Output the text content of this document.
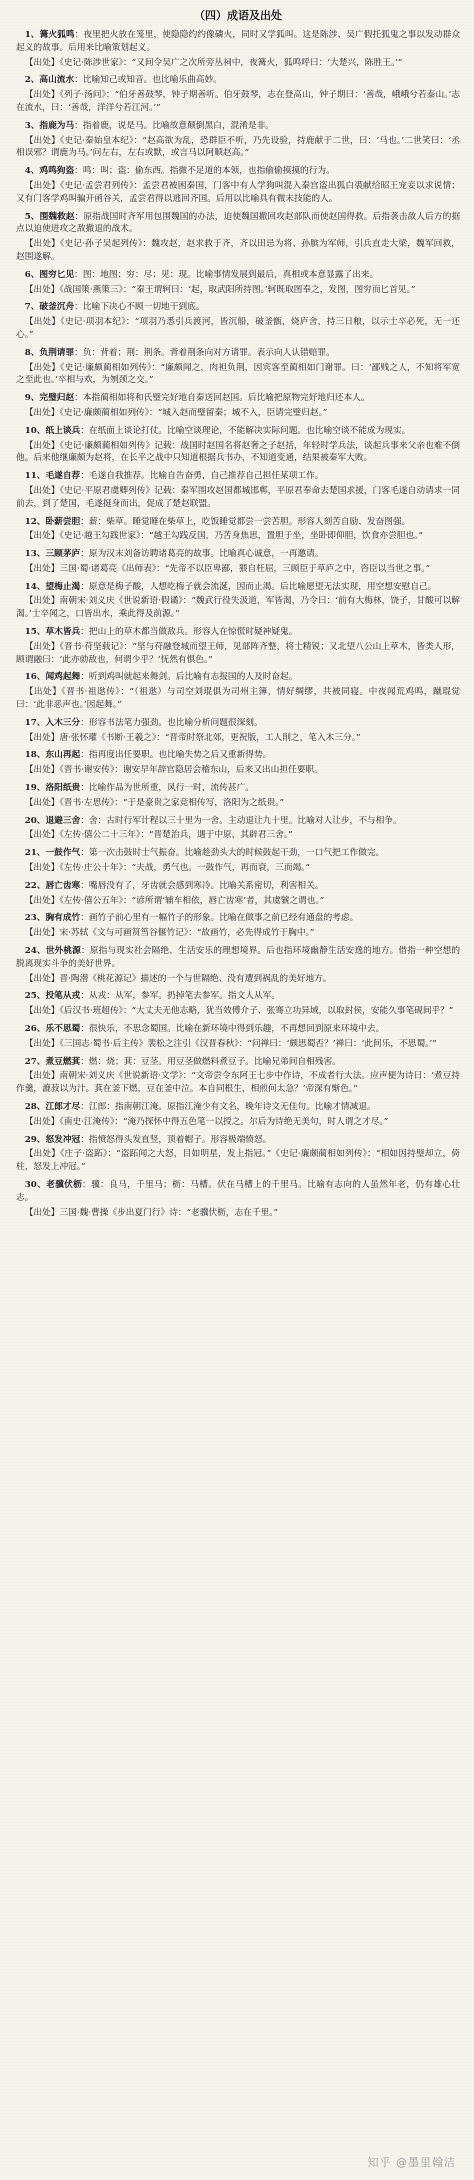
（四）成语及出处

1、篝火狐鸣：夜里把火放在笼里，使隐隐约约像磷火，同时又学狐叫。这是陈涉、吴广假托狐鬼之事以发动群众起义的故事。后用来比喻策划起义。

【出处】《史记·陈涉世家》：“又间令吴广之次所旁丛祠中，夜篝火，狐鸣呼曰：‘大楚兴，陈胜王。’”

2、高山流水：比喻知己或知音。也比喻乐曲高妙。

【出处】《列子·汤问》：“伯牙善鼓琴，钟子期善听。伯牙鼓琴，志在登高山，钟子期曰：‘善哉，峨峨兮若泰山。’志在流水，曰：‘善哉，洋洋兮若江河。’”

3、指鹿为马：指着鹿，说是马。比喻故意颠倒黑白，混淆是非。

【出处】《史记·秦始皇本纪》：“赵高欲为乱，恐群臣不听，乃先设验，持鹿献于二世，曰：‘马也。’二世笑曰：‘丞相误邪？谓鹿为马。’问左右，左右或默，或言马以阿顺赵高。”

4、鸡鸣狗盗：鸣：叫；盗：偷东西。指微不足道的本领，也指偷偷摸摸的行为。

【出处】《史记·孟尝君列传》：孟尝君被困秦国，门客中有人学狗叫混入秦宫盗出狐白裘献给昭王宠妾以求说情；又有门客学鸡叫骗开函谷关，孟尝君得以逃回齐国。后用以比喻具有微末技能的人。

5、围魏救赵：原指战国时齐军用包围魏国的办法，迫使魏国撤回攻赵部队而使赵国得救。后指袭击敌人后方的据点以迫使进攻之敌撤退的战术。

【出处】《史记·孙子吴起列传》：魏攻赵，赵求救于齐，齐以田忌为将、孙膑为军师，引兵直走大梁，魏军回救，赵围遂解。

6、图穷匕见：图：地图；穷：尽；见：现。比喻事情发展到最后，真相或本意显露了出来。

【出处】《战国策·燕策三》：“秦王谓轲曰：‘起，取武阳所持图。’轲既取图奉之，发图，图穷而匕首见。”

7、破釜沉舟：比喻下决心不顾一切地干到底。

【出处】《史记·项羽本纪》：“项羽乃悉引兵渡河，皆沉船，破釜甑，烧庐舍，持三日粮，以示士卒必死，无一还心。”

8、负荆请罪：负：背着；荆：荆条。背着荆条向对方请罪。表示向人认错赔罪。

【出处】《史记·廉颇蔺相如列传》：“廉颇闻之，肉袒负荆，因宾客至蔺相如门谢罪。曰：‘鄙贱之人，不知将军宽之至此也。’卒相与欢，为刎颈之交。”

9、完璧归赵：本指蔺相如将和氏璧完好地自秦送回赵国。后比喻把原物完好地归还本人。

【出处】《史记·廉颇蔺相如列传》：“城入赵而璧留秦；城不入，臣请完璧归赵。”

10、纸上谈兵：在纸面上谈论打仗。比喻空谈理论，不能解决实际问题。也比喻空谈不能成为现实。

【出处】《史记·廉颇蔺相如列传》记载：战国时赵国名将赵奢之子赵括，年轻时学兵法，谈起兵事来父亲也难不倒他。后来他继廉颇为赵将，在长平之战中只知道根据兵书办，不知道变通，结果被秦军大败。

11、毛遂自荐：毛遂自我推荐。比喻自告奋勇，自己推荐自己担任某项工作。

【出处】《史记·平原君虞卿列传》记载：秦军围攻赵国都城邯郸，平原君奉命去楚国求援，门客毛遂自动请求一同前去，到了楚国，毛遂挺身而出，促成了楚赵联盟。

12、卧薪尝胆：薪：柴草。睡觉睡在柴草上，吃饭睡觉都尝一尝苦胆。形容人刻苦自励、发奋图强。

【出处】《史记·越王勾践世家》：“越王勾践反国，乃苦身焦思，置胆于坐，坐卧即仰胆，饮食亦尝胆也。”

13、三顾茅庐：原为汉末刘备访聘诸葛亮的故事。比喻真心诚意，一再邀请。

【出处】三国·蜀·诸葛亮《出师表》：“先帝不以臣卑鄙，猥自枉屈，三顾臣于草庐之中，咨臣以当世之事。”

14、望梅止渴：原意是梅子酸，人想吃梅子就会流涎，因而止渴。后比喻愿望无法实现，用空想安慰自己。

【出处】南朝宋·刘义庆《世说新语·假谲》：“魏武行役失汲道，军皆渴，乃令曰：‘前有大梅林，饶子，甘酸可以解渴。’士卒闻之，口皆出水，乘此得及前源。”

15、草木皆兵：把山上的草木都当做敌兵。形容人在惊慌时疑神疑鬼。

【出处】《晋书·苻坚载记》：“坚与苻融登城而望王师，见部阵齐整，将士精锐；又北望八公山上草木，皆类人形，顾谓融曰：‘此亦勍敌也，何谓少乎？’怃然有惧色。”

16、闻鸡起舞：听到鸡叫就起来舞剑。后比喻有志报国的人及时奋起。

【出处】《晋书·祖逖传》：“（祖逖）与司空刘琨俱为司州主簿，情好绸缪，共被同寝。中夜闻荒鸡鸣，蹴琨觉曰：‘此非恶声也。’因起舞。”

17、入木三分：形容书法笔力强劲。也比喻分析问题很深刻。

【出处】唐·张怀瓘《书断·王羲之》：“晋帝时祭北郊，更祝版，工人削之，笔入木三分。”

18、东山再起：指再度出任要职。也比喻失势之后又重新得势。

【出处】《晋书·谢安传》：谢安早年辞官隐居会稽东山，后来又出山担任要职。

19、洛阳纸贵：比喻作品为世所重，风行一时，流传甚广。

【出处】《晋书·左思传》：“于是豪贵之家竞相传写，洛阳为之纸贵。”

20、退避三舍：舍：古时行军计程以三十里为一舍。主动退让九十里。比喻对人让步，不与相争。

【出处】《左传·僖公二十三年》：“晋楚治兵，遇于中原，其辟君三舍。”

21、一鼓作气：第一次击鼓时士气振奋。比喻趁劲头大的时候鼓起干劲，一口气把工作做完。

【出处】《左传·庄公十年》：“夫战，勇气也。一鼓作气，再而衰，三而竭。”

22、唇亡齿寒：嘴唇没有了，牙齿就会感到寒冷。比喻关系密切，利害相关。

【出处】《左传·僖公五年》：“谚所谓‘辅车相依，唇亡齿寒’者，其虞虢之谓也。”

23、胸有成竹：画竹子前心里有一幅竹子的形象。比喻在做事之前已经有通盘的考虑。

【出处】宋·苏轼《文与可画筼筜谷偃竹记》：“故画竹，必先得成竹于胸中。”

24、世外桃源：原指与现实社会隔绝、生活安乐的理想境界。后也指环境幽静生活安逸的地方。借指一种空想的脱离现实斗争的美好世界。

【出处】晋·陶潜《桃花源记》描述的一个与世隔绝、没有遭到祸乱的美好地方。

25、投笔从戎：从戎：从军，参军。扔掉笔去参军。指文人从军。

【出处】《后汉书·班超传》：“大丈夫无他志略，犹当效傅介子、张骞立功异域，以取封侯，安能久事笔砚间乎？”

26、乐不思蜀：很快乐，不思念蜀国。比喻在新环境中得到乐趣，不再想回到原来环境中去。

【出处】《三国志·蜀书·后主传》裴松之注引《汉晋春秋》：“问禅曰：‘颇思蜀否？’禅曰：‘此间乐，不思蜀。’”

27、煮豆燃萁：燃：烧；萁：豆茎。用豆茎做燃料煮豆子。比喻兄弟间自相残害。

【出处】南朝宋·刘义庆《世说新语·文学》：“文帝尝令东阿王七步中作诗，不成者行大法。应声便为诗曰：‘煮豆持作羹，漉菽以为汁。萁在釜下燃，豆在釜中泣。本自同根生，相煎何太急？’帝深有惭色。”

28、江郎才尽：江郎：指南朝江淹。原指江淹少有文名，晚年诗文无佳句。比喻才情减退。

【出处】《南史·江淹传》：“淹乃探怀中得五色笔一以授之。尔后为诗绝无美句，时人谓之才尽。”

29、怒发冲冠：指愤怒得头发直竖，顶着帽子。形容极端愤怒。

【出处】《庄子·盗跖》：“盗跖闻之大怒，目如明星，发上指冠。”《史记·廉颇蔺相如列传》：“相如因持璧却立，倚柱，怒发上冲冠。”

30、老骥伏枥：骥：良马，千里马；枥：马槽。伏在马槽上的千里马。比喻有志向的人虽然年老，仍有雄心壮志。

【出处】三国·魏·曹操《步出夏门行》诗：“老骥伏枥，志在千里。”

知乎 @墨里翰洁
